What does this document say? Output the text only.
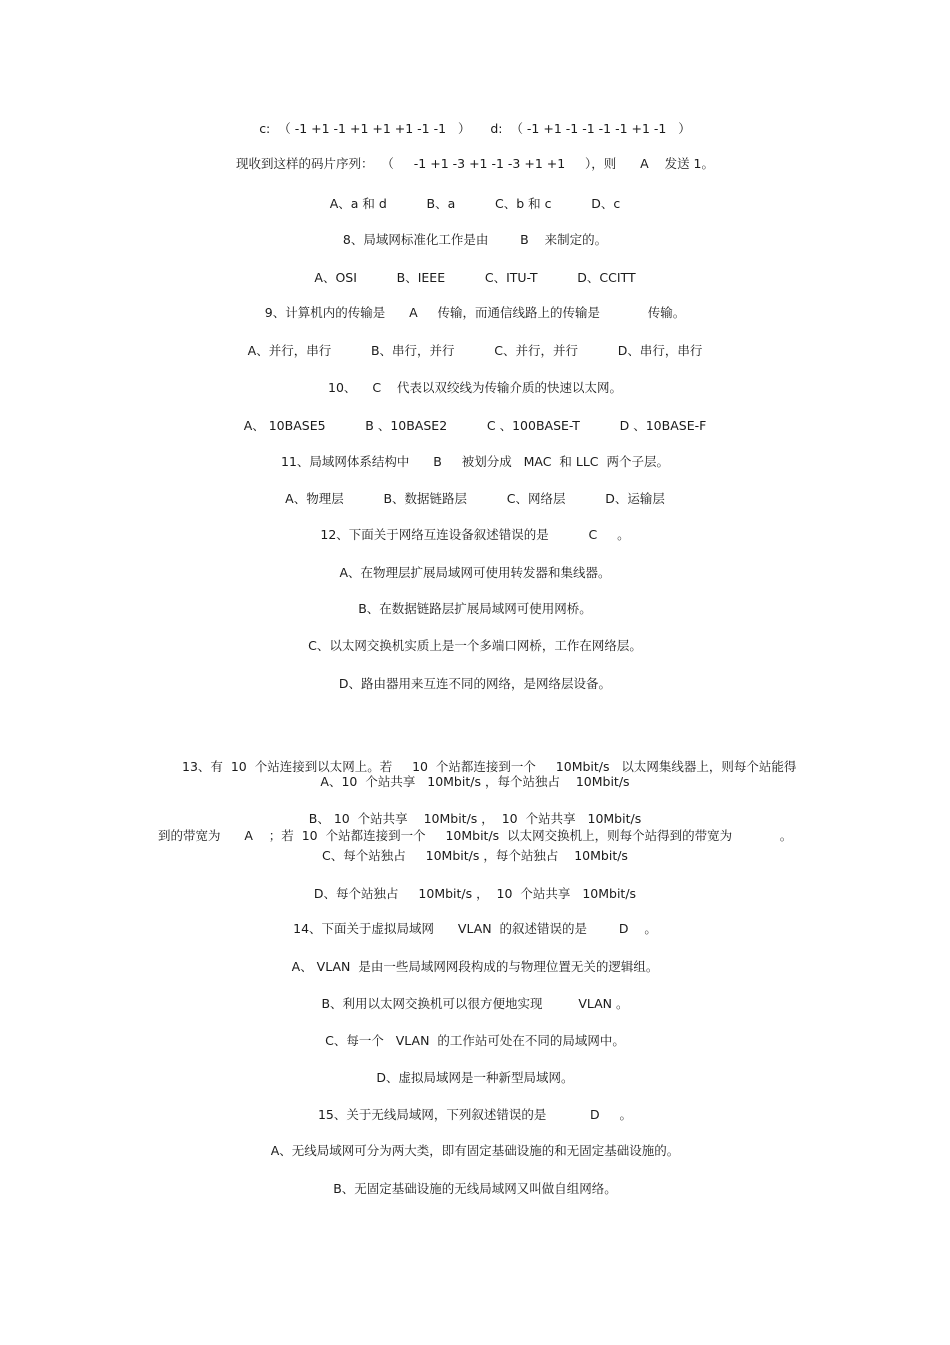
c:  （ -1 +1 -1 +1 +1 +1 -1 -1   ）     d:  （ -1 +1 -1 -1 -1 -1 +1 -1   ）
现收到这样的码片序列：  （     -1 +1 -3 +1 -1 -3 +1 +1     ），则      A    发送 1。
A、a 和 d          B、a          C、b 和 c          D、c
8、局域网标准化工作是由        B    来制定的。
A、OSI          B、IEEE          C、ITU-T          D、CCITT
9、计算机内的传输是      A     传输，而通信线路上的传输是            传输。
A、并行，串行          B、串行，并行          C、并行，并行          D、串行，串行
10、    C    代表以双绞线为传输介质的快速以太网。
A、 10BASE5          B 、10BASE2          C 、100BASE-T          D 、10BASE-F
11、局域网体系结构中      B     被划分成   MAC  和 LLC  两个子层。
A、物理层          B、数据链路层          C、网络层          D、运输层
12、下面关于网络互连设备叙述错误的是          C     。
A、在物理层扩展局域网可使用转发器和集线器。
B、在数据链路层扩展局域网可使用网桥。
C、以太网交换机实质上是一个多端口网桥，工作在网络层。
D、路由器用来互连不同的网络，是网络层设备。

13、有  10  个站连接到以太网上。若     10  个站都连接到一个     10Mbit/s   以太网集线器上，则每个站能得

到的带宽为      A    ；若  10  个站都连接到一个     10Mbit/s  以太网交换机上，则每个站得到的带宽为            。

A、10  个站共享   10Mbit/s ，每个站独占    10Mbit/s
B、 10  个站共享    10Mbit/s ，  10  个站共享   10Mbit/s
C、每个站独占     10Mbit/s ，每个站独占    10Mbit/s
D、每个站独占     10Mbit/s ，  10  个站共享   10Mbit/s
14、下面关于虚拟局域网      VLAN  的叙述错误的是        D    。
A、 VLAN  是由一些局域网网段构成的与物理位置无关的逻辑组。
B、利用以太网交换机可以很方便地实现         VLAN 。
C、每一个   VLAN  的工作站可处在不同的局域网中。
D、虚拟局域网是一种新型局域网。
15、关于无线局域网，下列叙述错误的是           D     。
A、无线局域网可分为两大类，即有固定基础设施的和无固定基础设施的。
B、无固定基础设施的无线局域网又叫做自组网络。
